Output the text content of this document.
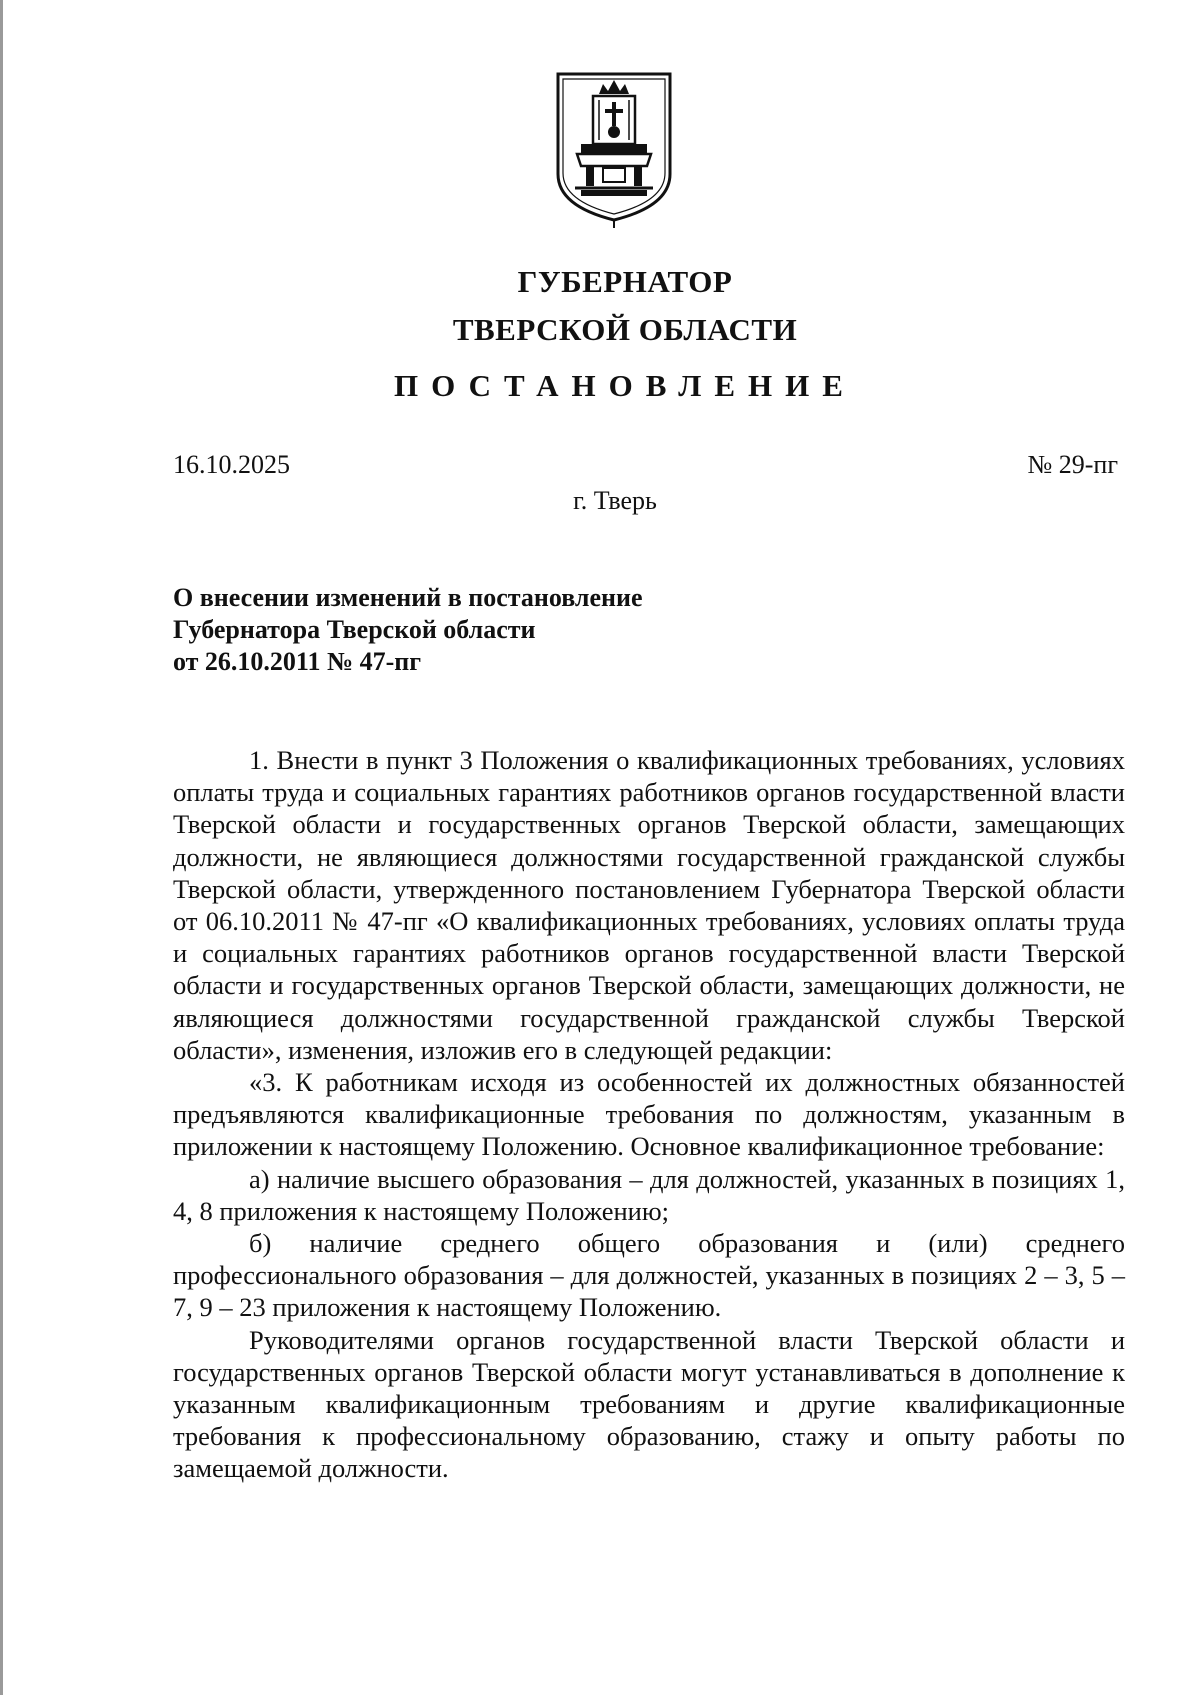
ГУБЕРНАТОР
ТВЕРСКОЙ ОБЛАСТИ
ПОСТАНОВЛЕНИЕ
16.10.2025	№ 29-пг
г. Тверь
О внесении изменений в постановление
Губернатора Тверской области
от 26.10.2011 № 47-пг

1. Внести в пункт 3 Положения о квалификационных требованиях, условиях оплаты труда и социальных гарантиях работников органов государственной власти Тверской области и государственных органов Тверской области, замещающих должности, не являющиеся должностями государственной гражданской службы Тверской области, утвержденного постановлением Губернатора Тверской области от 06.10.2011 № 47-пг «О квалификационных требованиях, условиях оплаты труда и социальных гарантиях работников органов государственной власти Тверской области и государственных органов Тверской области, замещающих должности, не являющиеся должностями государственной гражданской службы Тверской области», изменения, изложив его в следующей редакции:

«3. К работникам исходя из особенностей их должностных обязанностей предъявляются квалификационные требования по должностям, указанным в приложении к настоящему Положению. Основное квалификационное требование:

а) наличие высшего образования – для должностей, указанных в позициях 1, 4, 8 приложения к настоящему Положению;

б) наличие среднего общего образования и (или) среднего профессионального образования – для должностей, указанных в позициях 2 – 3, 5 – 7, 9 – 23 приложения к настоящему Положению.

Руководителями органов государственной власти Тверской области и государственных органов Тверской области могут устанавливаться в дополнение к указанным квалификационным требованиям и другие квалификационные требования к профессиональному образованию, стажу и опыту работы по замещаемой должности.
